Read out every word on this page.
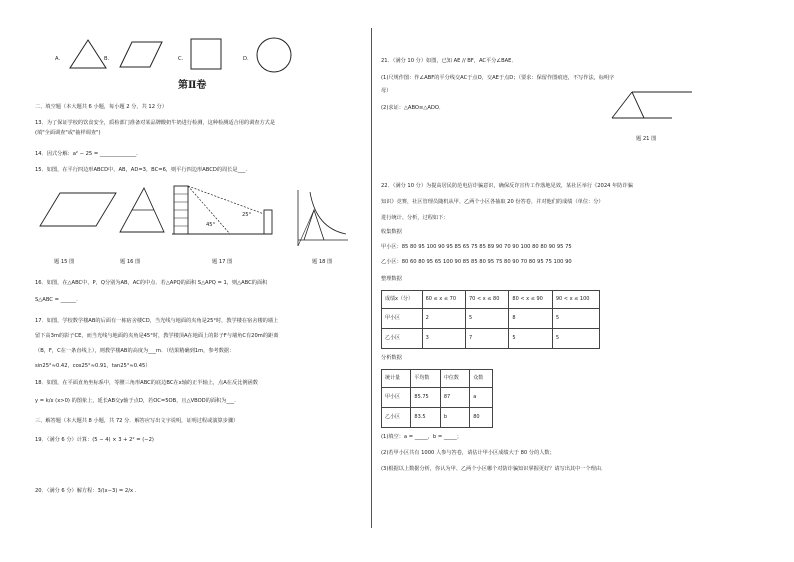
A.	B.	C.	D.
第Ⅱ卷
二、填空题（本大题共 6 小题，每小题 2 分，共 12 分）
13．为了保证学校的饮食安全，质检部门准备对某品牌酸奶牛奶进行检测，这种检测适合用的调查方式是
(填"全面调查"或"抽样调查")
14．因式分解：a² − 25 = ______________.
15．如图，在平行四边形ABCD中，AB，AD=3，BC=6，则平行四边形ABCD的周长是___.
题 15 图	题 16 图
25°
45°
题 17 图	题 18 图
16．如图，在△ABC中，P，Q分别为AB，AC的中点．若△APQ的面积 S△APQ = 1，则△ABC的面积
S△ABC = ______.
17．如图，学校数学楼AB的后面有一栋宿舍楼CD，当光线与地面的夹角是25°时，教学楼在宿舍楼的墙上
留下高3m的影子CE，而当光线与地面的夹角是45°时，教学楼顶A在地面上的影子F与墙角C有20m的距离
（B，F，C在一条直线上），则教学楼AB的高度为___m．（结果精确到1m，参考数据：
sin25°≈0.42，cos25°≈0.91，tan25°≈0.45）
18．如图，在平面直角坐标系中，等腰三角形ABC的底边BC在x轴的正半轴上，点A在反比例函数
y = k/x (x>0) 的图象上，延长AB交y轴于点D，若OC=5OB，且△VBOD的面积为___.
三、解答题（本大题共 8 小题，共 72 分．解答应写出文字说明，证明过程或演算步骤）
19．（满分 6 分）计算：(5 − 4) × 3 + 2² = (−2)
20．（满分 6 分）解方程：3/(x−3) = 2/x .
21．（满分 10 分）如图，已知 AE // BF，AC平分∠BAE．
(1)尺规作图：作∠ABF的平分线交AC于点O，交AE于点D；（要求：保留作图痕迹，不写作法，标明字
母）
(2)求证：△ABO≌△ADO．
题 21 图
22．（满分 10 分）为提高居民防范电信诈骗意识，确保反诈宣传工作落地见效，某社区举行《2024 年防诈骗
知识》竞赛，社区管理员随机从甲、乙两个小区各抽取 20 份答卷，并对他们的成绩（单位：分）
进行统计、分析，过程如下：
收集数据
甲小区：85 80 95 100 90 95 85 65 75 85 89 90 70 90 100 80 80 90 95 75
乙小区：80 60 80 95 65 100 90 85 85 80 95 75 80 90 70 80 95 75 100 90
整理数据
成绩x（分）	60 ≤ x ≤ 70	70 < x ≤ 80	80 < x ≤ 90	90 < x ≤ 100
甲小区	2	5	8	5
乙小区	3	7	5	5
分析数据
统计量	平均数	中位数	众数
甲小区	85.75	87	a
乙小区	83.5	b	80
(1)填空：a = _____，b = _____；
(2)若甲小区共有 1000 人参与答卷，请估计甲小区成绩大于 80 分的人数；
(3)根据以上数据分析，你认为甲、乙两个小区哪个对防诈骗知识掌握更好？请写出其中一个理由．
